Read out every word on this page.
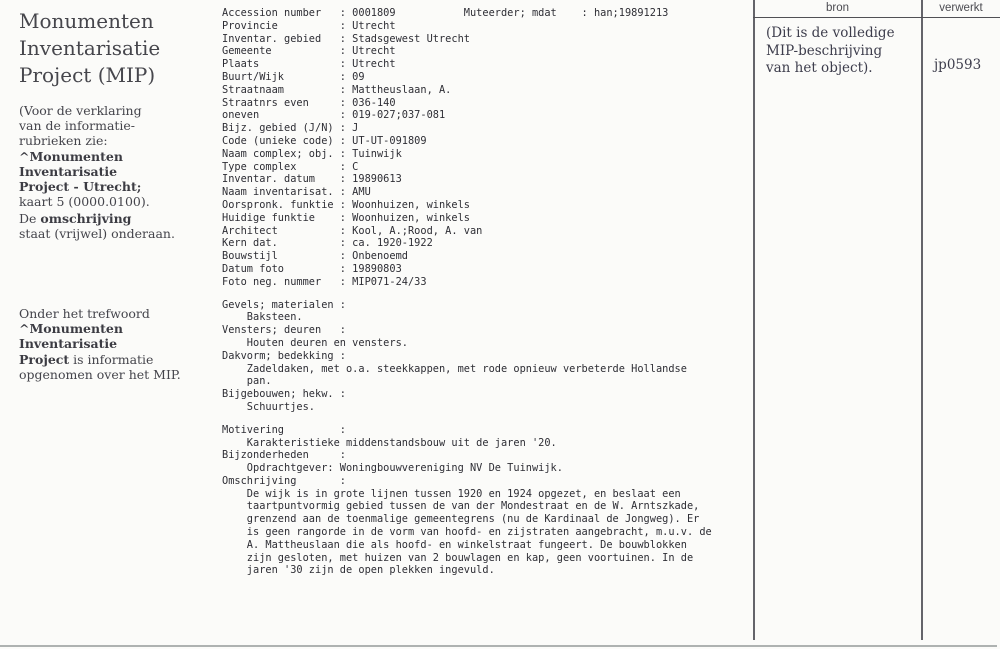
Monumenten
Inventarisatie
Project (MIP)
(Voor de verklaring
van de informatie-
rubrieken zie:
^Monumenten Inventarisatie
Project - Utrecht;
kaart 5 (0000.0100).
De omschrijving
staat (vrijwel) onderaan.
Onder het trefwoord
^Monumenten Inventarisatie
Project is informatie
opgenomen over het MIP.
Accession number   : 0001809           Muteerder; mdat    : han;19891213
Provincie          : Utrecht
Inventar. gebied   : Stadsgewest Utrecht
Gemeente           : Utrecht
Plaats             : Utrecht
Buurt/Wijk         : 09
Straatnaam         : Mattheuslaan, A.
Straatnrs even     : 036-140
oneven             : 019-027;037-081
Bijz. gebied (J/N) : J
Code (unieke code) : UT-UT-091809
Naam complex; obj. : Tuinwijk
Type complex       : C
Inventar. datum    : 19890613
Naam inventarisat. : AMU
Oorspronk. funktie : Woonhuizen, winkels
Huidige funktie    : Woonhuizen, winkels
Architect          : Kool, A.;Rood, A. van
Kern dat.          : ca. 1920-1922
Bouwstijl          : Onbenoemd
Datum foto         : 19890803
Foto neg. nummer   : MIP071-24/33
Gevels; materialen :
Baksteen.
Vensters; deuren   :
Houten deuren en vensters.
Dakvorm; bedekking :
Zadeldaken, met o.a. steekkappen, met rode opnieuw verbeterde Hollandse
pan.
Bijgebouwen; hekw. :
Schuurtjes.
Motivering         :
Karakteristieke middenstandsbouw uit de jaren '20.
Bijzonderheden     :
Opdrachtgever: Woningbouwvereniging NV De Tuinwijk.
Omschrijving       :
De wijk is in grote lijnen tussen 1920 en 1924 opgezet, en beslaat een
taartpuntvormig gebied tussen de van der Mondestraat en de W. Arntszkade,
grenzend aan de toenmalige gemeentegrens (nu de Kardinaal de Jongweg). Er
is geen rangorde in de vorm van hoofd- en zijstraten aangebracht, m.u.v. de
A. Mattheuslaan die als hoofd- en winkelstraat fungeert. De bouwblokken
zijn gesloten, met huizen van 2 bouwlagen en kap, geen voortuinen. In de
jaren '30 zijn de open plekken ingevuld.
bron	verwerkt
(Dit is de volledige
MIP-beschrijving
van het object).	jp0593
